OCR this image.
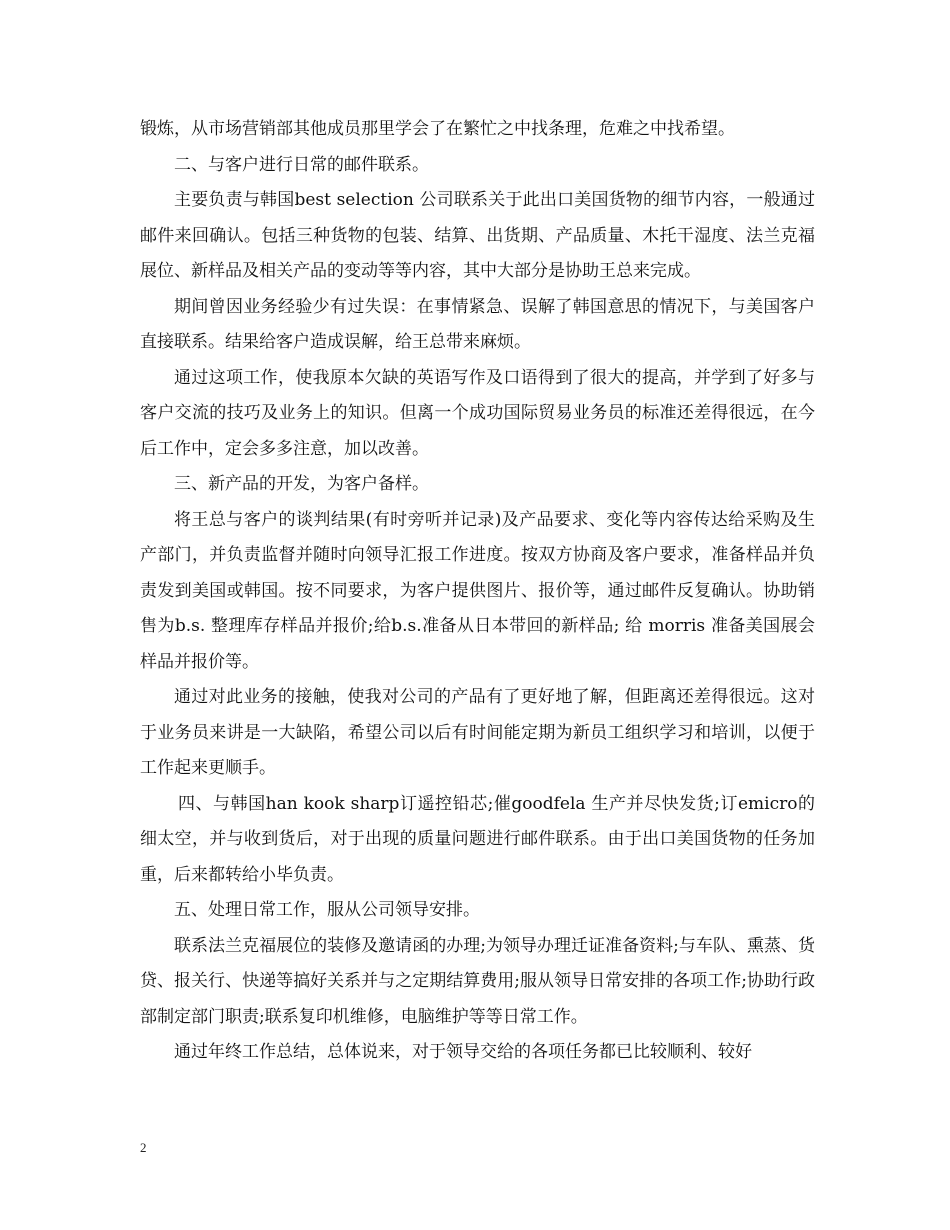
锻炼，从市场营销部其他成员那里学会了在繁忙之中找条理，危难之中找希望。

二、与客户进行日常的邮件联系。

主要负责与韩国best selection 公司联系关于此出口美国货物的细节内容，一般通过邮件来回确认。包括三种货物的包装、结算、出货期、产品质量、木托干湿度、法兰克福展位、新样品及相关产品的变动等等内容，其中大部分是协助王总来完成。

期间曾因业务经验少有过失误：在事情紧急、误解了韩国意思的情况下，与美国客户直接联系。结果给客户造成误解，给王总带来麻烦。

通过这项工作，使我原本欠缺的英语写作及口语得到了很大的提高，并学到了好多与客户交流的技巧及业务上的知识。但离一个成功国际贸易业务员的标准还差得很远，在今后工作中，定会多多注意，加以改善。

三、新产品的开发，为客户备样。

将王总与客户的谈判结果(有时旁听并记录)及产品要求、变化等内容传达给采购及生产部门，并负责监督并随时向领导汇报工作进度。按双方协商及客户要求，准备样品并负责发到美国或韩国。按不同要求，为客户提供图片、报价等，通过邮件反复确认。协助销售为b.s. 整理库存样品并报价;给b.s.准备从日本带回的新样品; 给 morris 准备美国展会样品并报价等。

通过对此业务的接触，使我对公司的产品有了更好地了解，但距离还差得很远。这对于业务员来讲是一大缺陷，希望公司以后有时间能定期为新员工组织学习和培训，以便于工作起来更顺手。

四、与韩国han kook sharp订遥控铅芯;催goodfela 生产并尽快发货;订emicro的细太空，并与收到货后，对于出现的质量问题进行邮件联系。由于出口美国货物的任务加重，后来都转给小毕负责。

五、处理日常工作，服从公司领导安排。

联系法兰克福展位的装修及邀请函的办理;为领导办理迁证准备资料;与车队、熏蒸、货贷、报关行、快递等搞好关系并与之定期结算费用;服从领导日常安排的各项工作;协助行政部制定部门职责;联系复印机维修，电脑维护等等日常工作。

通过年终工作总结，总体说来，对于领导交给的各项任务都已比较顺利、较好

2
